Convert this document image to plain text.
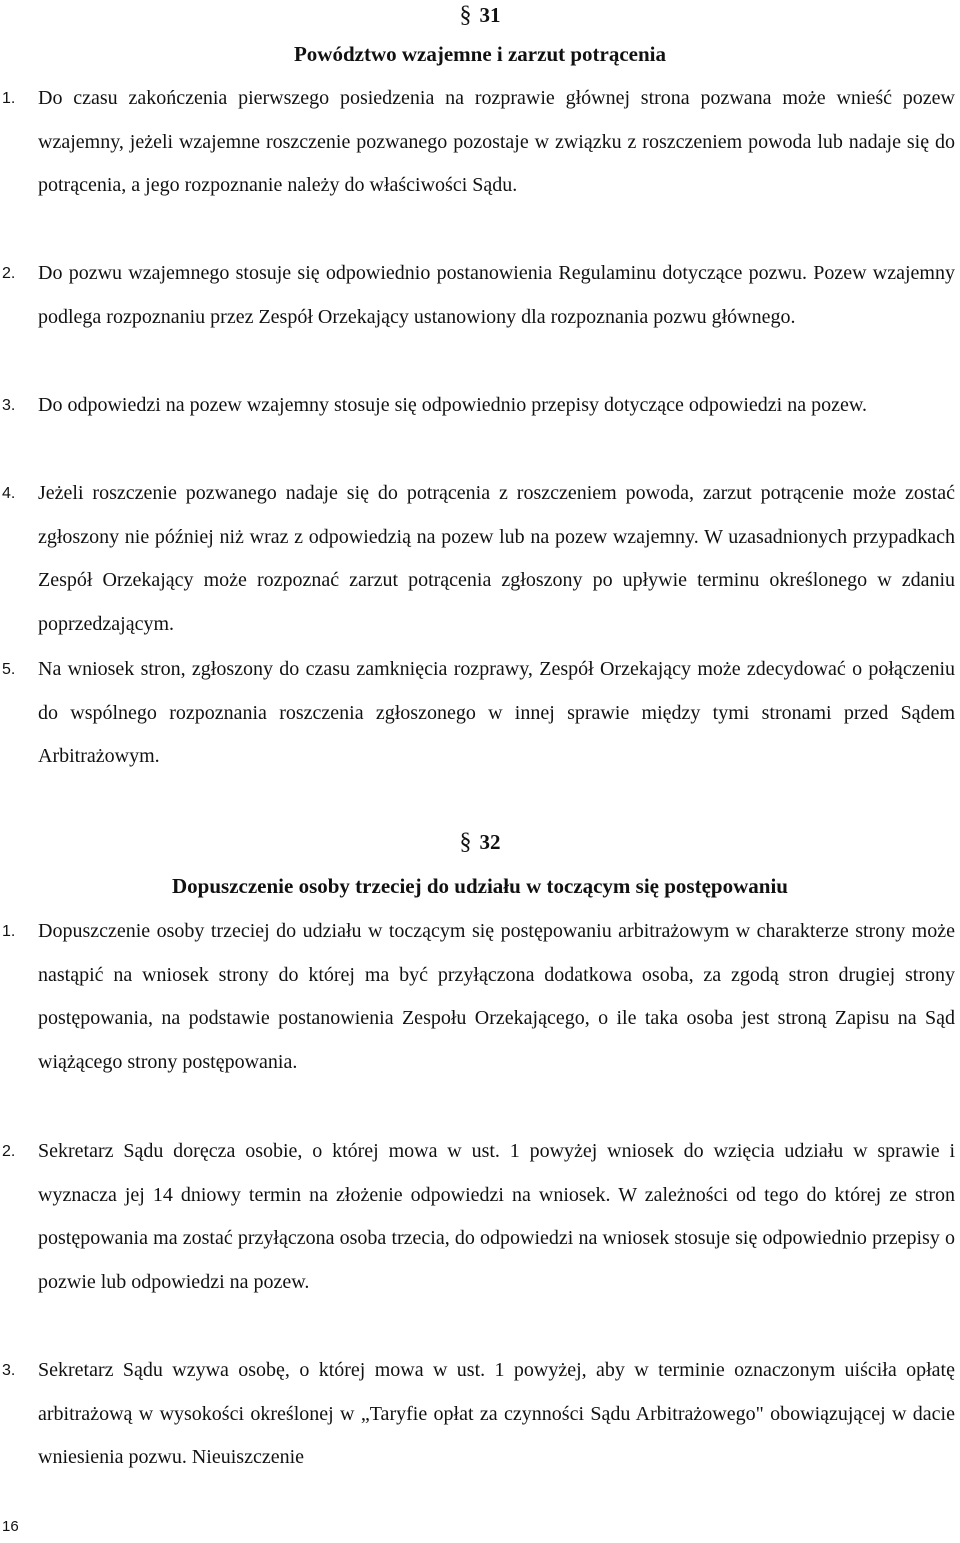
§ 31
Powództwo wzajemne i zarzut potrącenia
1. Do czasu zakończenia pierwszego posiedzenia na rozprawie głównej strona pozwana może wnieść pozew wzajemny, jeżeli wzajemne roszczenie pozwanego pozostaje w związku z roszczeniem powoda lub nadaje się do potrącenia, a jego rozpoznanie należy do właściwości Sądu.
2. Do pozwu wzajemnego stosuje się odpowiednio postanowienia Regulaminu dotyczące pozwu. Pozew wzajemny podlega rozpoznaniu przez Zespół Orzekający ustanowiony dla rozpoznania pozwu głównego.
3. Do odpowiedzi na pozew wzajemny stosuje się odpowiednio przepisy dotyczące odpowiedzi na pozew.
4. Jeżeli roszczenie pozwanego nadaje się do potrącenia z roszczeniem powoda, zarzut potrącenie może zostać zgłoszony nie później niż wraz z odpowiedzią na pozew lub na pozew wzajemny. W uzasadnionych przypadkach Zespół Orzekający może rozpoznać zarzut potrącenia zgłoszony po upływie terminu określonego w zdaniu poprzedzającym.
5. Na wniosek stron, zgłoszony do czasu zamknięcia rozprawy, Zespół Orzekający może zdecydować o połączeniu do wspólnego rozpoznania roszczenia zgłoszonego w innej sprawie między tymi stronami przed Sądem Arbitrażowym.
§ 32
Dopuszczenie osoby trzeciej do udziału w toczącym się postępowaniu
1. Dopuszczenie osoby trzeciej do udziału w toczącym się postępowaniu arbitrażowym w charakterze strony może nastąpić na wniosek strony do której ma być przyłączona dodatkowa osoba, za zgodą stron drugiej strony postępowania, na podstawie postanowienia Zespołu Orzekającego, o ile taka osoba jest stroną Zapisu na Sąd wiążącego strony postępowania.
2. Sekretarz Sądu doręcza osobie, o której mowa w ust. 1 powyżej wniosek do wzięcia udziału w sprawie i wyznacza jej 14 dniowy termin na złożenie odpowiedzi na wniosek. W zależności od tego do której ze stron postępowania ma zostać przyłączona osoba trzecia, do odpowiedzi na wniosek stosuje się odpowiednio przepisy o pozwie lub odpowiedzi na pozew.
3. Sekretarz Sądu wzywa osobę, o której mowa w ust. 1 powyżej, aby w terminie oznaczonym uiściła opłatę arbitrażową w wysokości określonej w „Taryfie opłat za czynności Sądu Arbitrażowego" obowiązującej w dacie wniesienia pozwu. Nieuiszczenie
16
